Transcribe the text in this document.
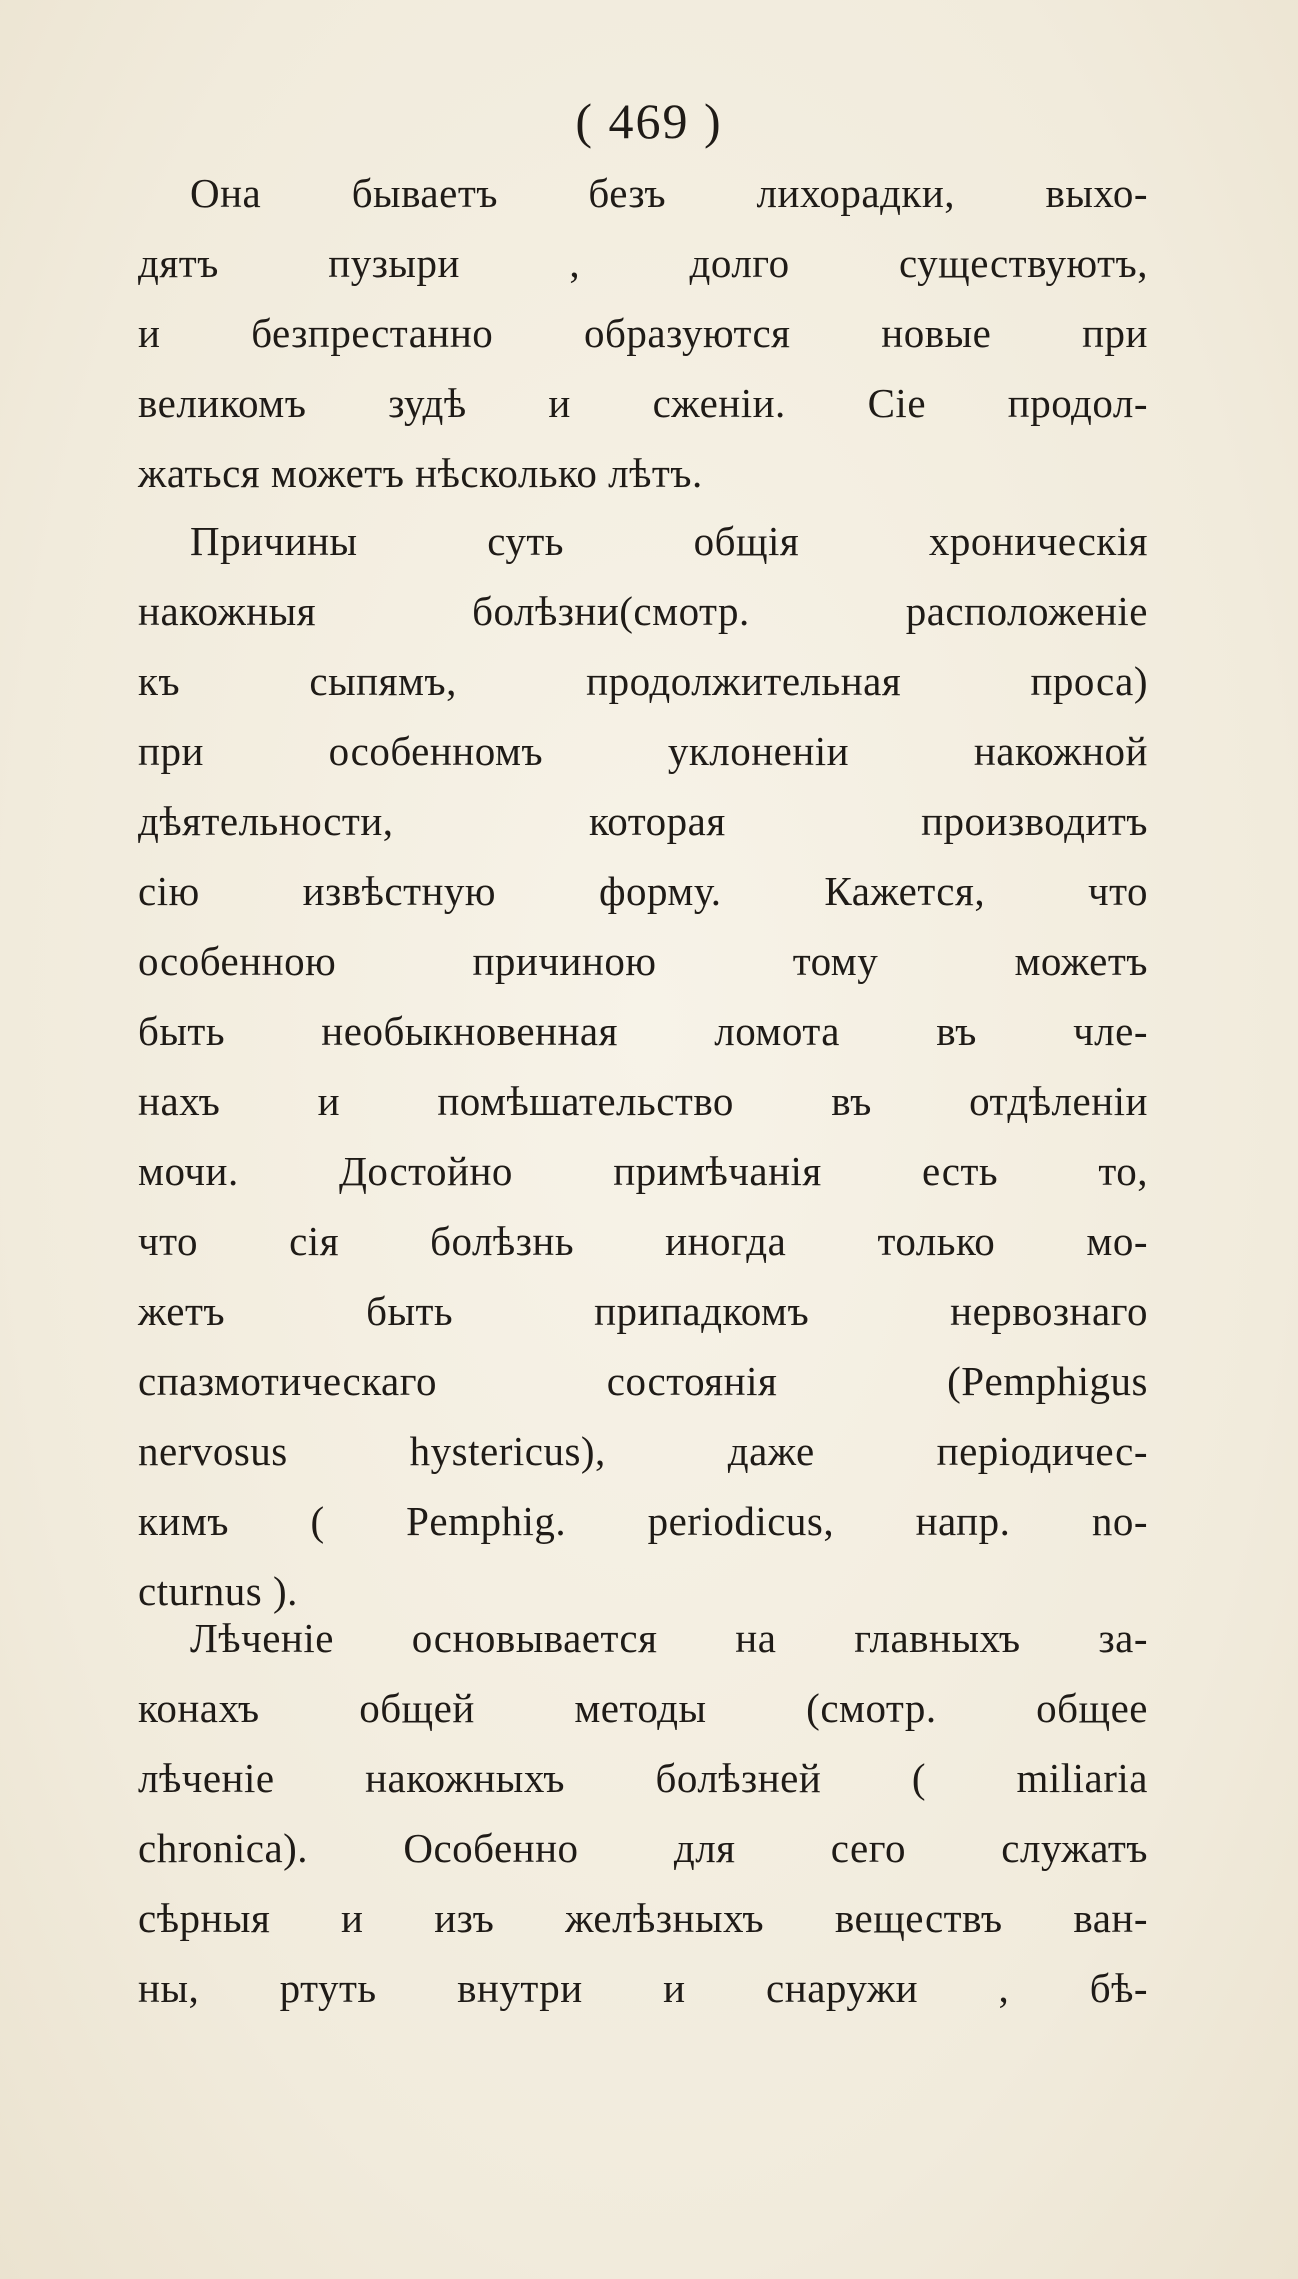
( 469 )
Она бываетъ безъ лихорадки, выхо-
дятъ пузыри , долго существуютъ,
и безпрестанно образуются новые при
великомъ зудѣ и сженiи. Сiе продол-
жаться можетъ нѣсколько лѣтъ.
Причины суть общiя хроническiя
накожныя болѣзни(смотр. расположенiе
къ сыпямъ, продолжительная проса)
при особенномъ уклоненiи накожной
дѣятельности, которая производитъ
сiю извѣстную форму. Кажется, что
особенною причиною тому можетъ
быть необыкновенная ломота въ чле-
нахъ и помѣшательство въ отдѣленiи
мочи. Достойно примѣчанiя есть то,
что сiя болѣзнь иногда только мо-
жетъ быть припадкомъ нервознаго
спазмотическаго состоянiя (Pemphigus
nervosus hystericus), даже перiодичес-
кимъ ( Pemphig. periodicus, напр. no-
cturnus ).
Лѣченiе основывается на главныхъ за-
конахъ общей методы (смотр. общее
лѣченiе накожныхъ болѣзней ( miliaria
chronica). Особенно для сего служатъ
сѣрныя и изъ желѣзныхъ веществъ ван-
ны, ртуть внутри и снаружи , бѣ-
